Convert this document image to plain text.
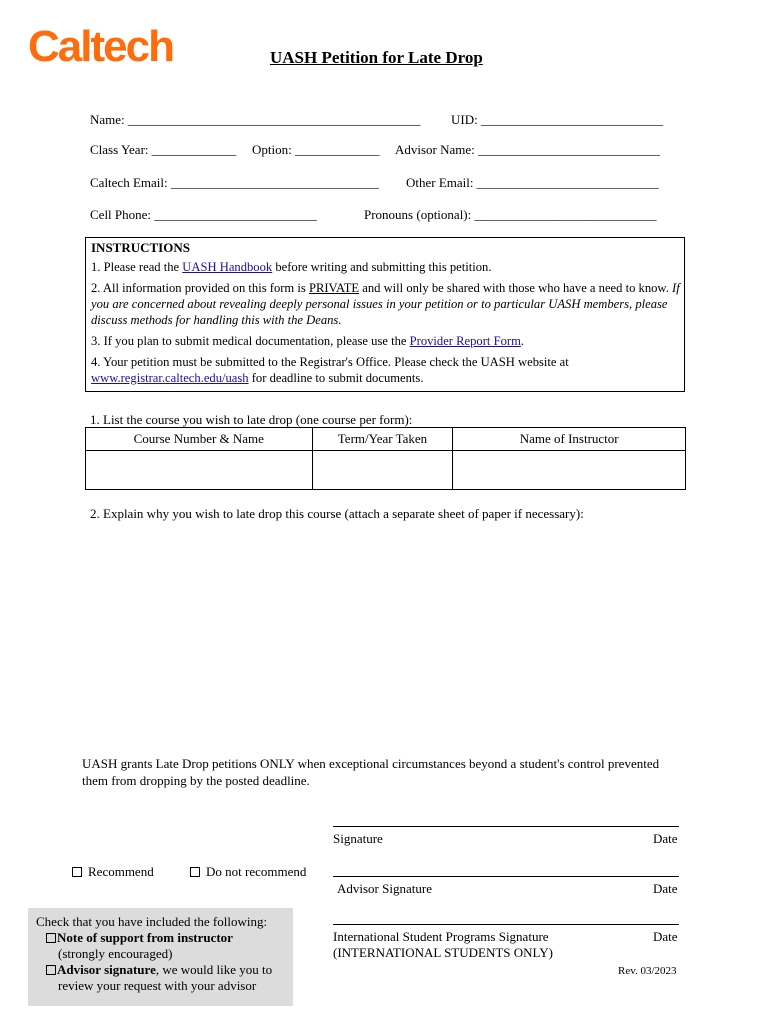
Caltech	UASH Petition for Late Drop
Name: _____________________________________________ UID: ____________________________
Class Year: _____________ Option: _____________ Advisor Name: ____________________________
Caltech Email: ________________________________ Other Email: ____________________________
Cell Phone: _________________________	Pronouns (optional): ____________________________

INSTRUCTIONS

1. Please read the UASH Handbook before writing and submitting this petition.

2. All information provided on this form is PRIVATE and will only be shared with those who have a need to know. If you are concerned about revealing deeply personal issues in your petition or to particular UASH members, please discuss methods for handling this with the Deans.

3. If you plan to submit medical documentation, please use the Provider Report Form.

4. Your petition must be submitted to the Registrar's Office. Please check the UASH website at www.registrar.caltech.edu/uash for deadline to submit documents.

1. List the course you wish to late drop (one course per form):
Course Number & Name	Term/Year Taken	Name of Instructor

2. Explain why you wish to late drop this course (attach a separate sheet of paper if necessary):
UASH grants Late Drop petitions ONLY when exceptional circumstances beyond a student's control prevented
them from dropping by the posted deadline.
Signature	Date
Recommend	Do not recommend
Advisor Signature	Date
International Student Programs Signature	Date
(INTERNATIONAL STUDENTS ONLY)
Rev. 03/2023
Check that you have included the following:
Note of support from instructor
(strongly encouraged)
Advisor signature, we would like you to
review your request with your advisor
